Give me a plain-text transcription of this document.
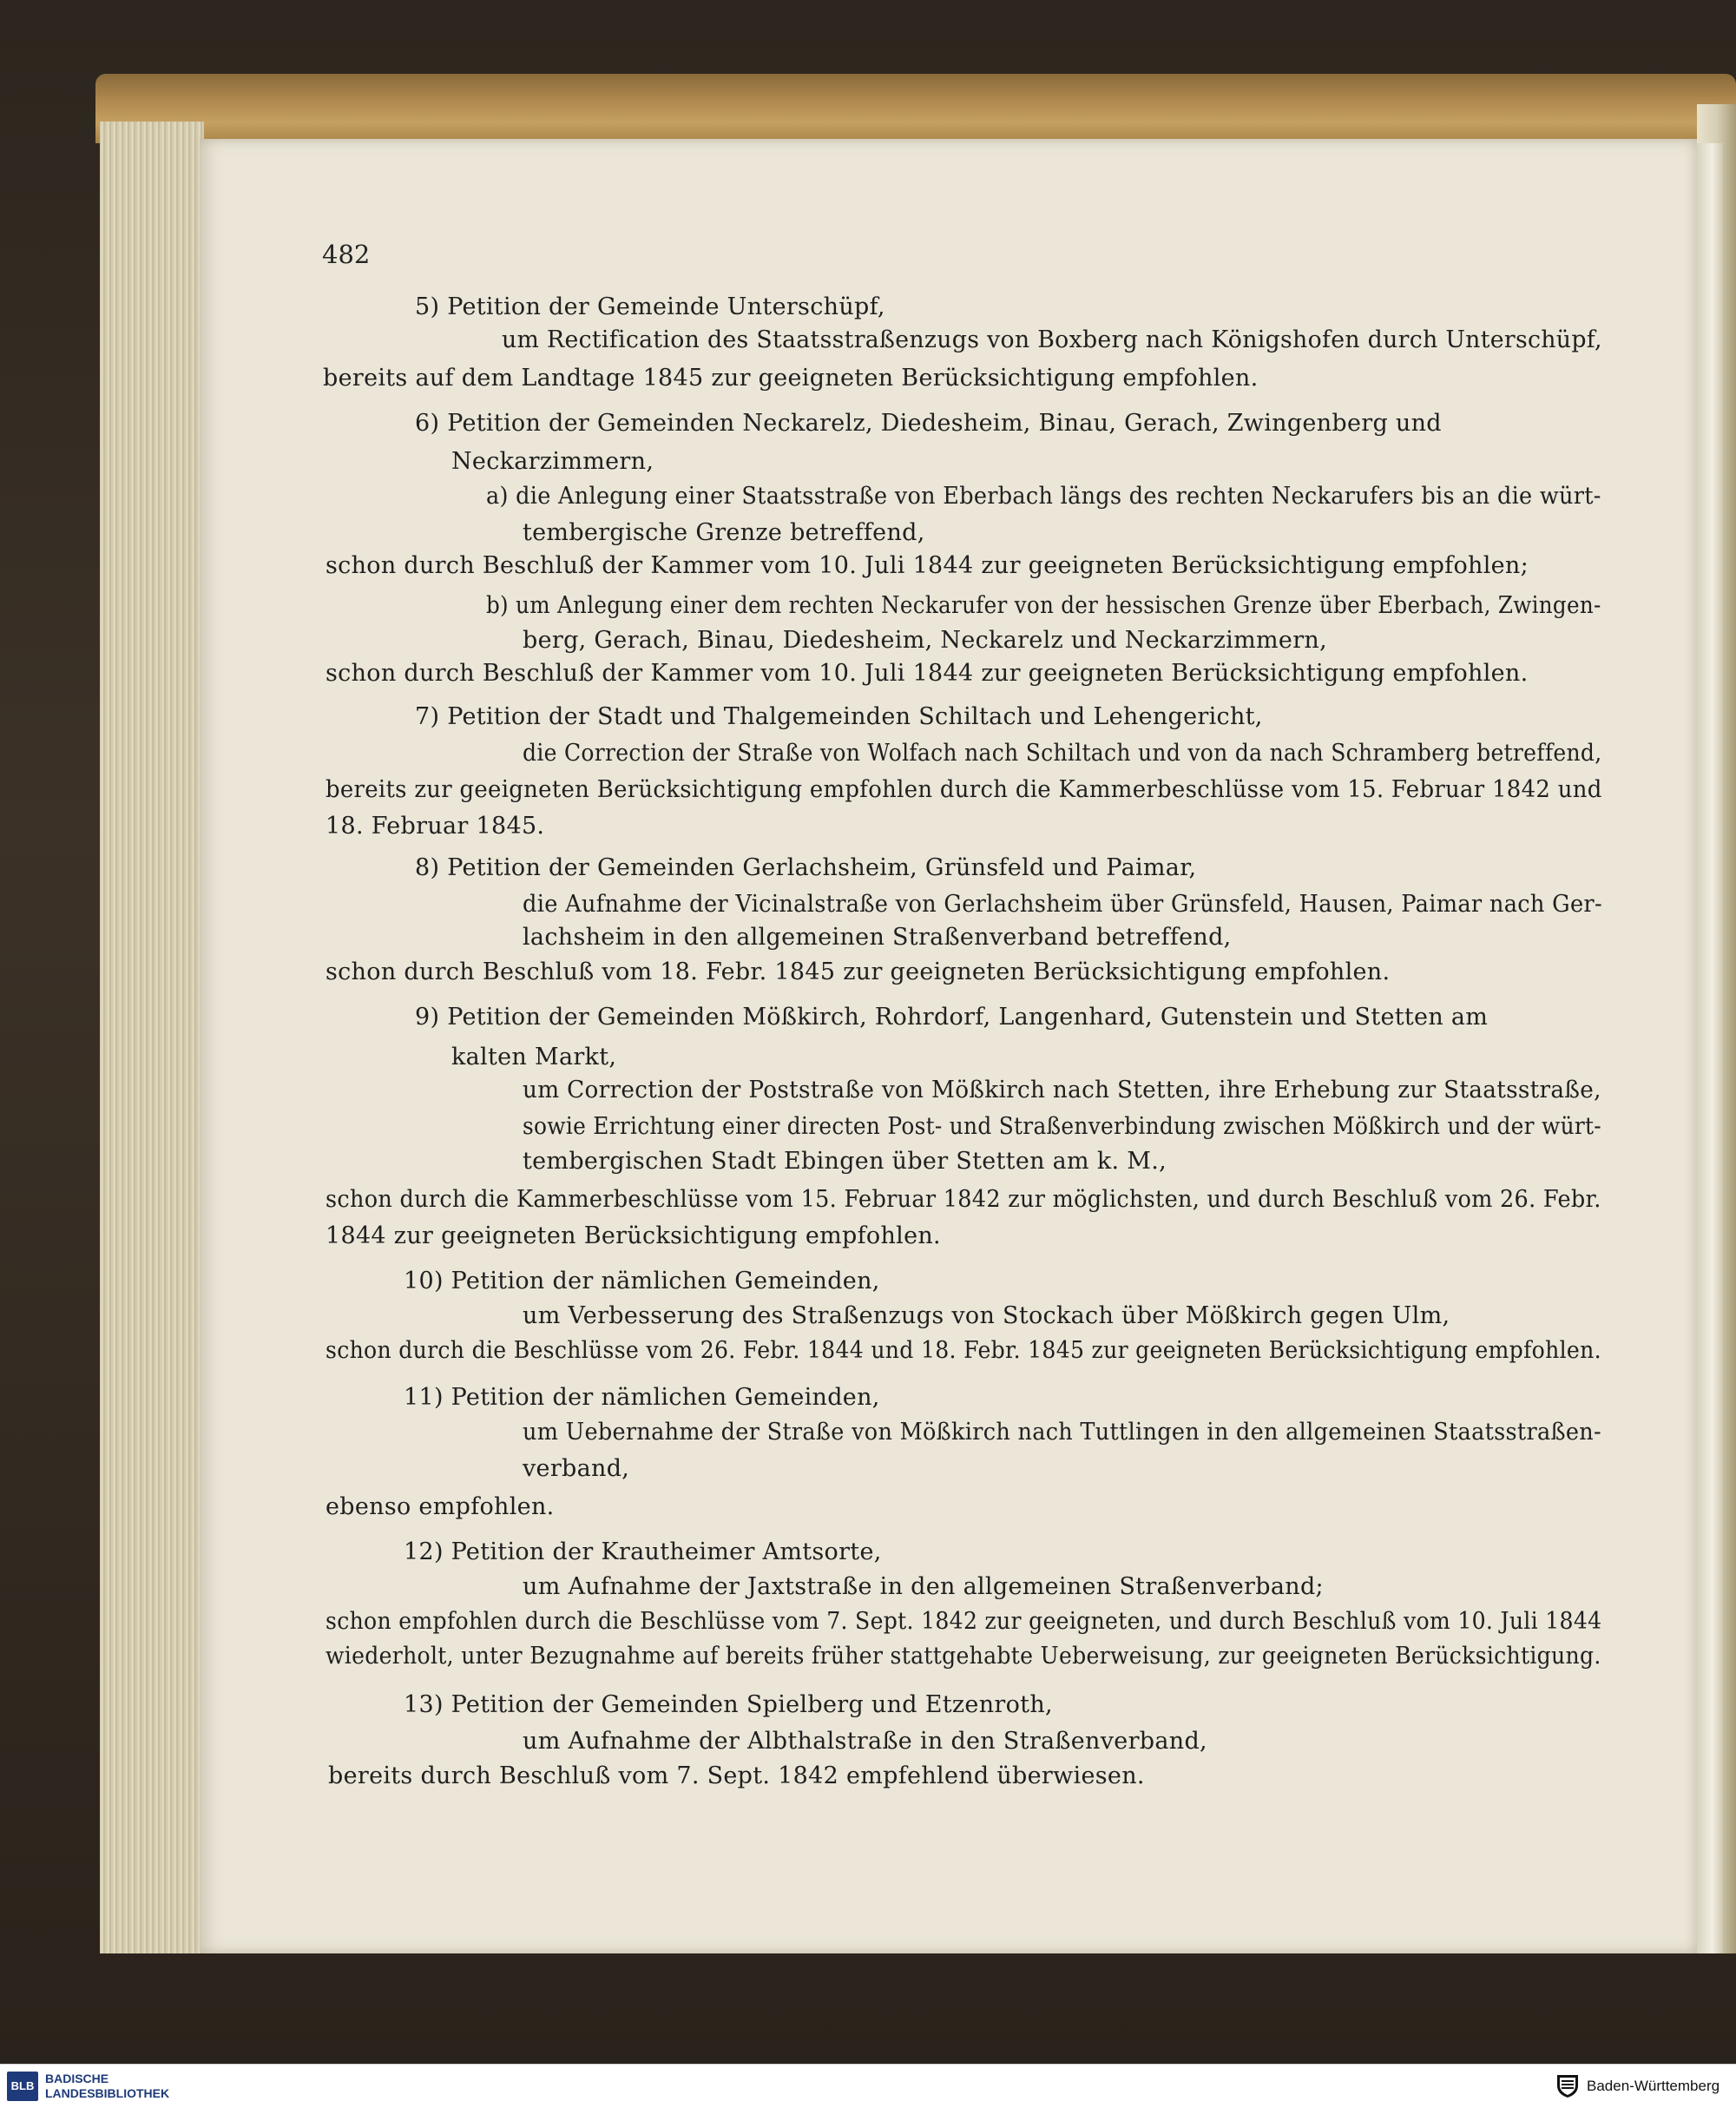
482
5) Petition der Gemeinde Unterschüpf,
um Rectification des Staatsstraßenzugs von Boxberg nach Königshofen durch Unterschüpf,
bereits auf dem Landtage 1845 zur geeigneten Berücksichtigung empfohlen.
6) Petition der Gemeinden Neckarelz, Diedesheim, Binau, Gerach, Zwingenberg und
Neckarzimmern,
a) die Anlegung einer Staatsstraße von Eberbach längs des rechten Neckarufers bis an die würt-
tembergische Grenze betreffend,
schon durch Beschluß der Kammer vom 10. Juli 1844 zur geeigneten Berücksichtigung empfohlen;
b) um Anlegung einer dem rechten Neckarufer von der hessischen Grenze über Eberbach, Zwingen-
berg, Gerach, Binau, Diedesheim, Neckarelz und Neckarzimmern,
schon durch Beschluß der Kammer vom 10. Juli 1844 zur geeigneten Berücksichtigung empfohlen.
7) Petition der Stadt und Thalgemeinden Schiltach und Lehengericht,
die Correction der Straße von Wolfach nach Schiltach und von da nach Schramberg betreffend,
bereits zur geeigneten Berücksichtigung empfohlen durch die Kammerbeschlüsse vom 15. Februar 1842 und
18. Februar 1845.
8) Petition der Gemeinden Gerlachsheim, Grünsfeld und Paimar,
die Aufnahme der Vicinalstraße von Gerlachsheim über Grünsfeld, Hausen, Paimar nach Ger-
lachsheim in den allgemeinen Straßenverband betreffend,
schon durch Beschluß vom 18. Febr. 1845 zur geeigneten Berücksichtigung empfohlen.
9) Petition der Gemeinden Mößkirch, Rohrdorf, Langenhard, Gutenstein und Stetten am
kalten Markt,
um Correction der Poststraße von Mößkirch nach Stetten, ihre Erhebung zur Staatsstraße,
sowie Errichtung einer directen Post- und Straßenverbindung zwischen Mößkirch und der würt-
tembergischen Stadt Ebingen über Stetten am k. M.,
schon durch die Kammerbeschlüsse vom 15. Februar 1842 zur möglichsten, und durch Beschluß vom 26. Febr.
1844 zur geeigneten Berücksichtigung empfohlen.
10) Petition der nämlichen Gemeinden,
um Verbesserung des Straßenzugs von Stockach über Mößkirch gegen Ulm,
schon durch die Beschlüsse vom 26. Febr. 1844 und 18. Febr. 1845 zur geeigneten Berücksichtigung empfohlen.
11) Petition der nämlichen Gemeinden,
um Uebernahme der Straße von Mößkirch nach Tuttlingen in den allgemeinen Staatsstraßen-
verband,
ebenso empfohlen.
12) Petition der Krautheimer Amtsorte,
um Aufnahme der Jaxtstraße in den allgemeinen Straßenverband;
schon empfohlen durch die Beschlüsse vom 7. Sept. 1842 zur geeigneten, und durch Beschluß vom 10. Juli 1844
wiederholt, unter Bezugnahme auf bereits früher stattgehabte Ueberweisung, zur geeigneten Berücksichtigung.
13) Petition der Gemeinden Spielberg und Etzenroth,
um Aufnahme der Albthalstraße in den Straßenverband,
bereits durch Beschluß vom 7. Sept. 1842 empfehlend überwiesen.
BLB
BADISCHE
LANDESBIBLIOTHEK	Baden-Württemberg
